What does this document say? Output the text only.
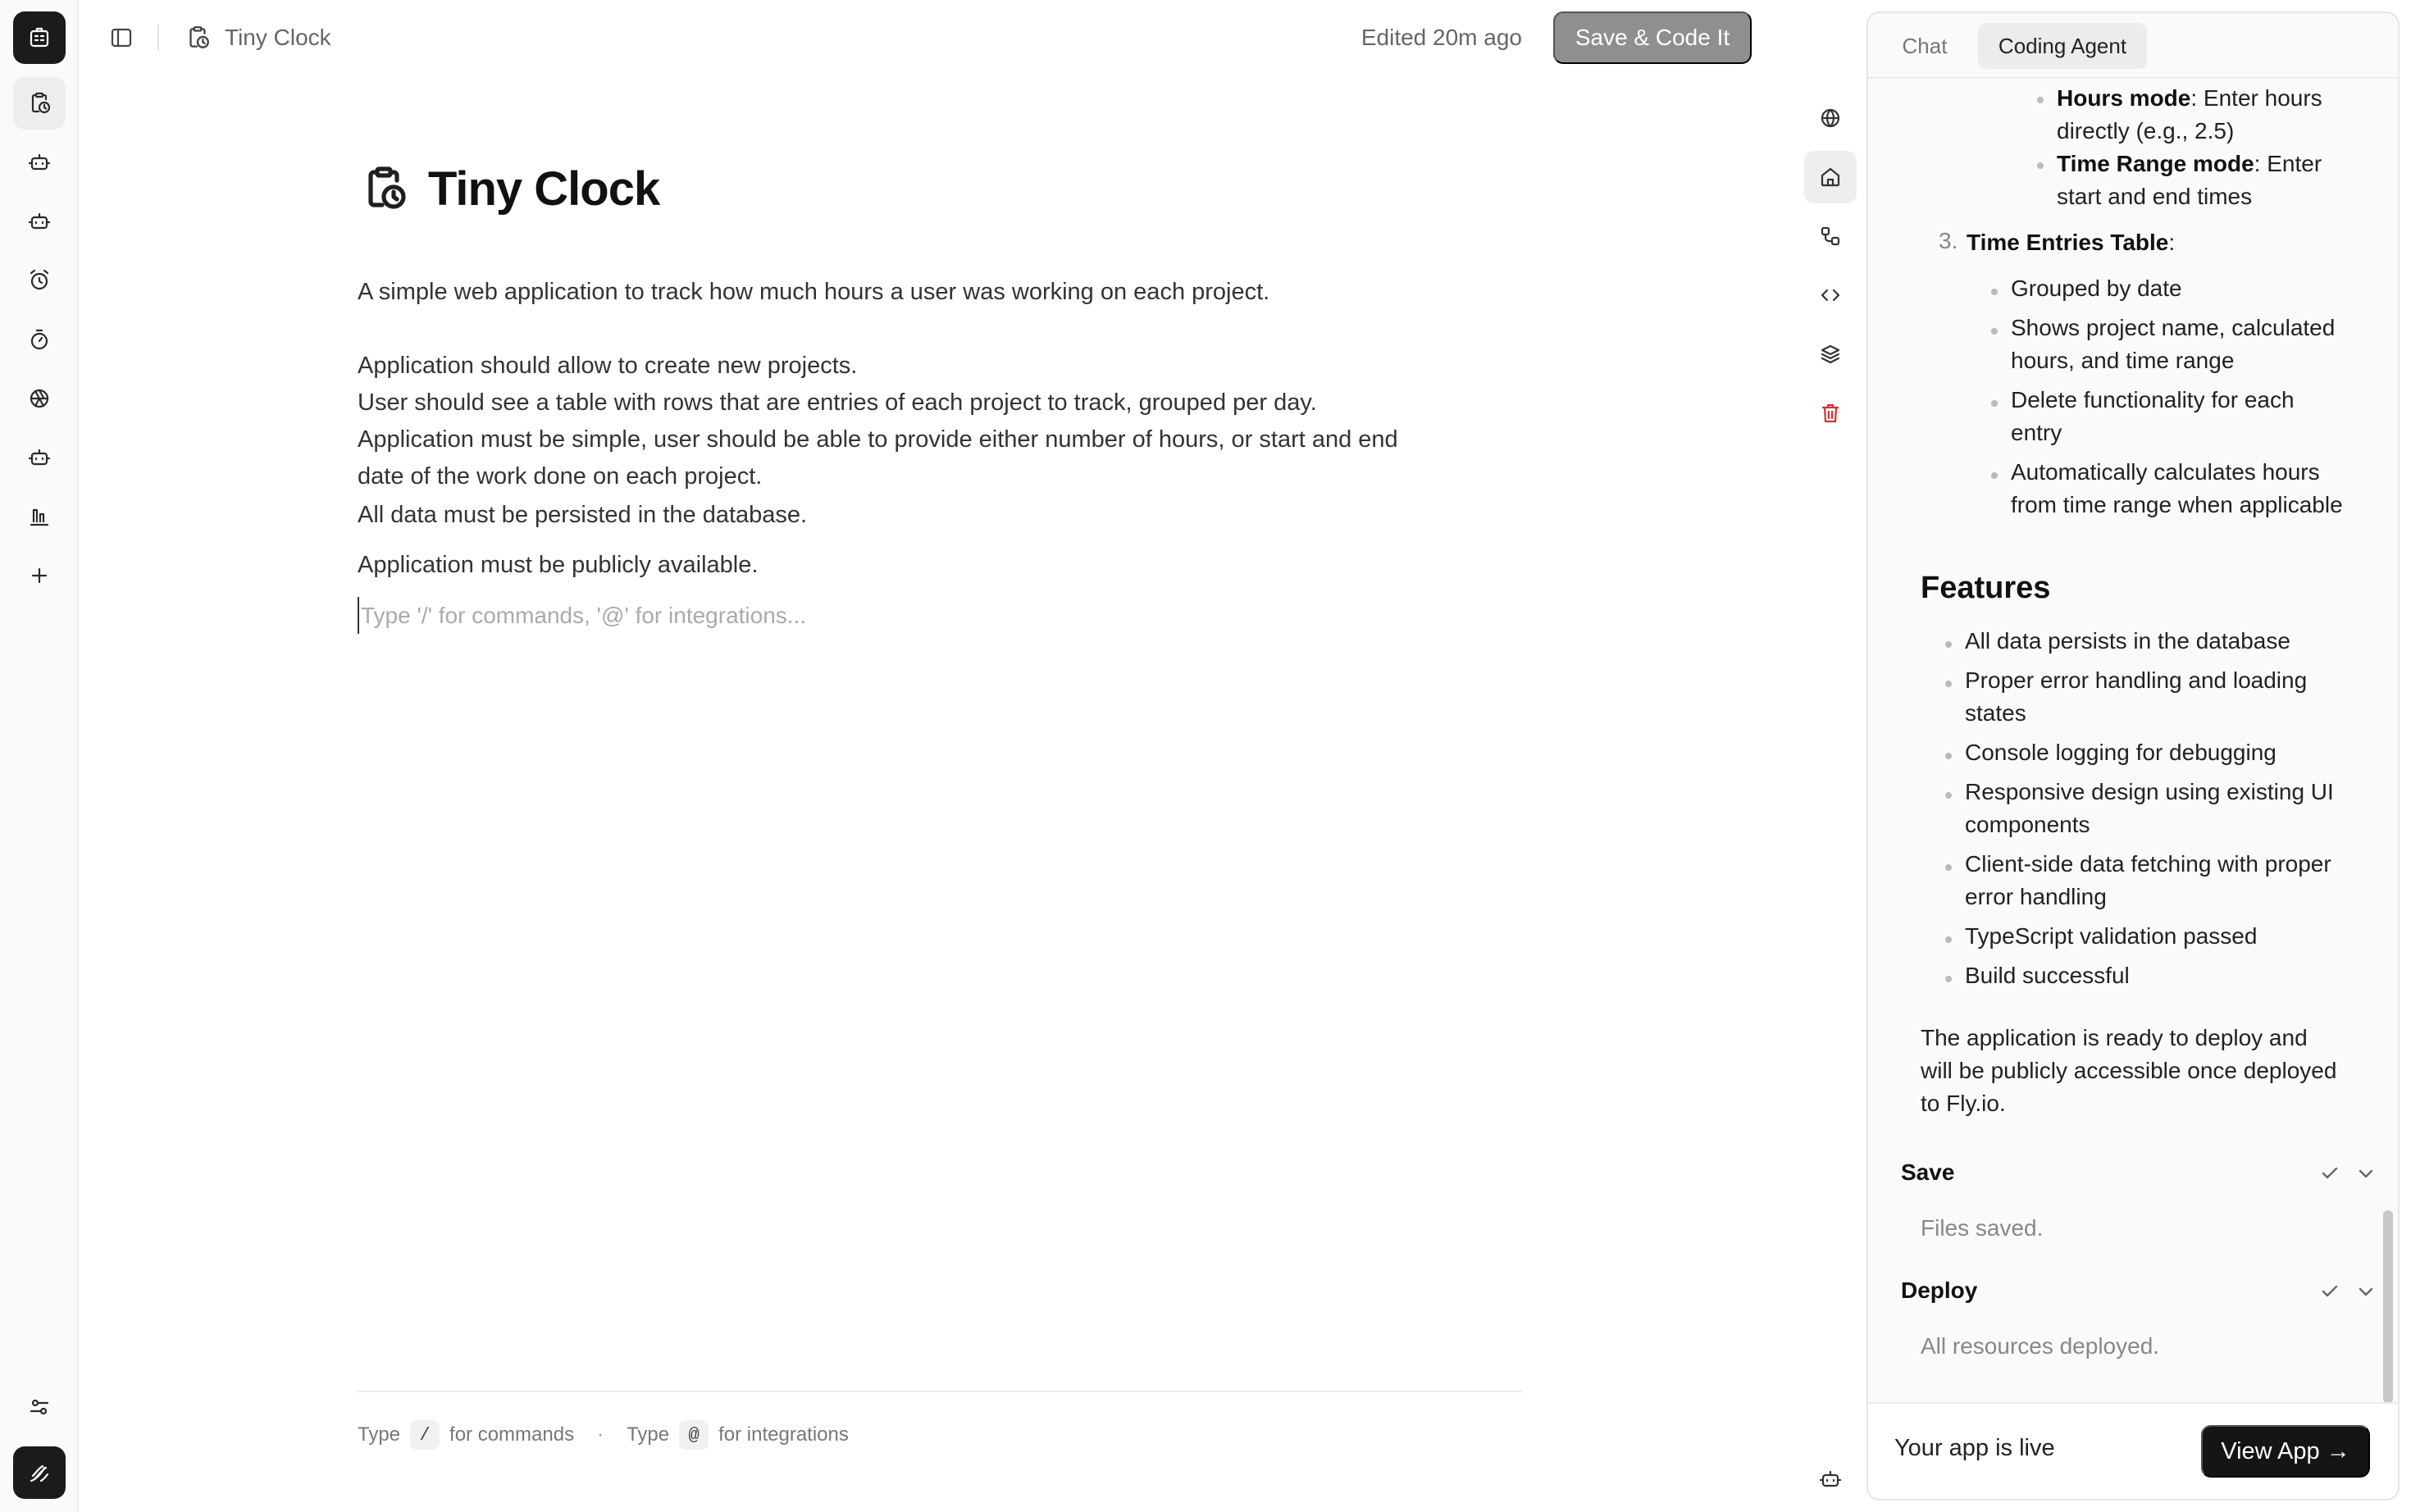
Tiny Clock	Edited 20m ago	Save & Code It
Tiny Clock

A simple web application to track how much hours a user was working on each project.

Application should allow to create new projects.
User should see a table with rows that are entries of each project to track, grouped per day.
Application must be simple, user should be able to provide either number of hours, or start and end
date of the work done on each project.

All data must be persisted in the database.

Application must be publicly available.

Type '/' for commands, '@' for integrations...
Type	/ for commands · Type	@ for integrations
Chat	Coding Agent
Hours mode: Enter hours
directly (e.g., 2.5)
Time Range mode: Enter
start and end times
3. Time Entries Table:
Grouped by date
Shows project name, calculated
hours, and time range
Delete functionality for each
entry
Automatically calculates hours
from time range when applicable
Features
All data persists in the database
Proper error handling and loading
states
Console logging for debugging
Responsive design using existing UI
components
Client-side data fetching with proper
error handling
TypeScript validation passed
Build successful
The application is ready to deploy and
will be publicly accessible once deployed
to Fly.io.
Save
Files saved.
Deploy
All resources deployed.
Your app is live	View App →
